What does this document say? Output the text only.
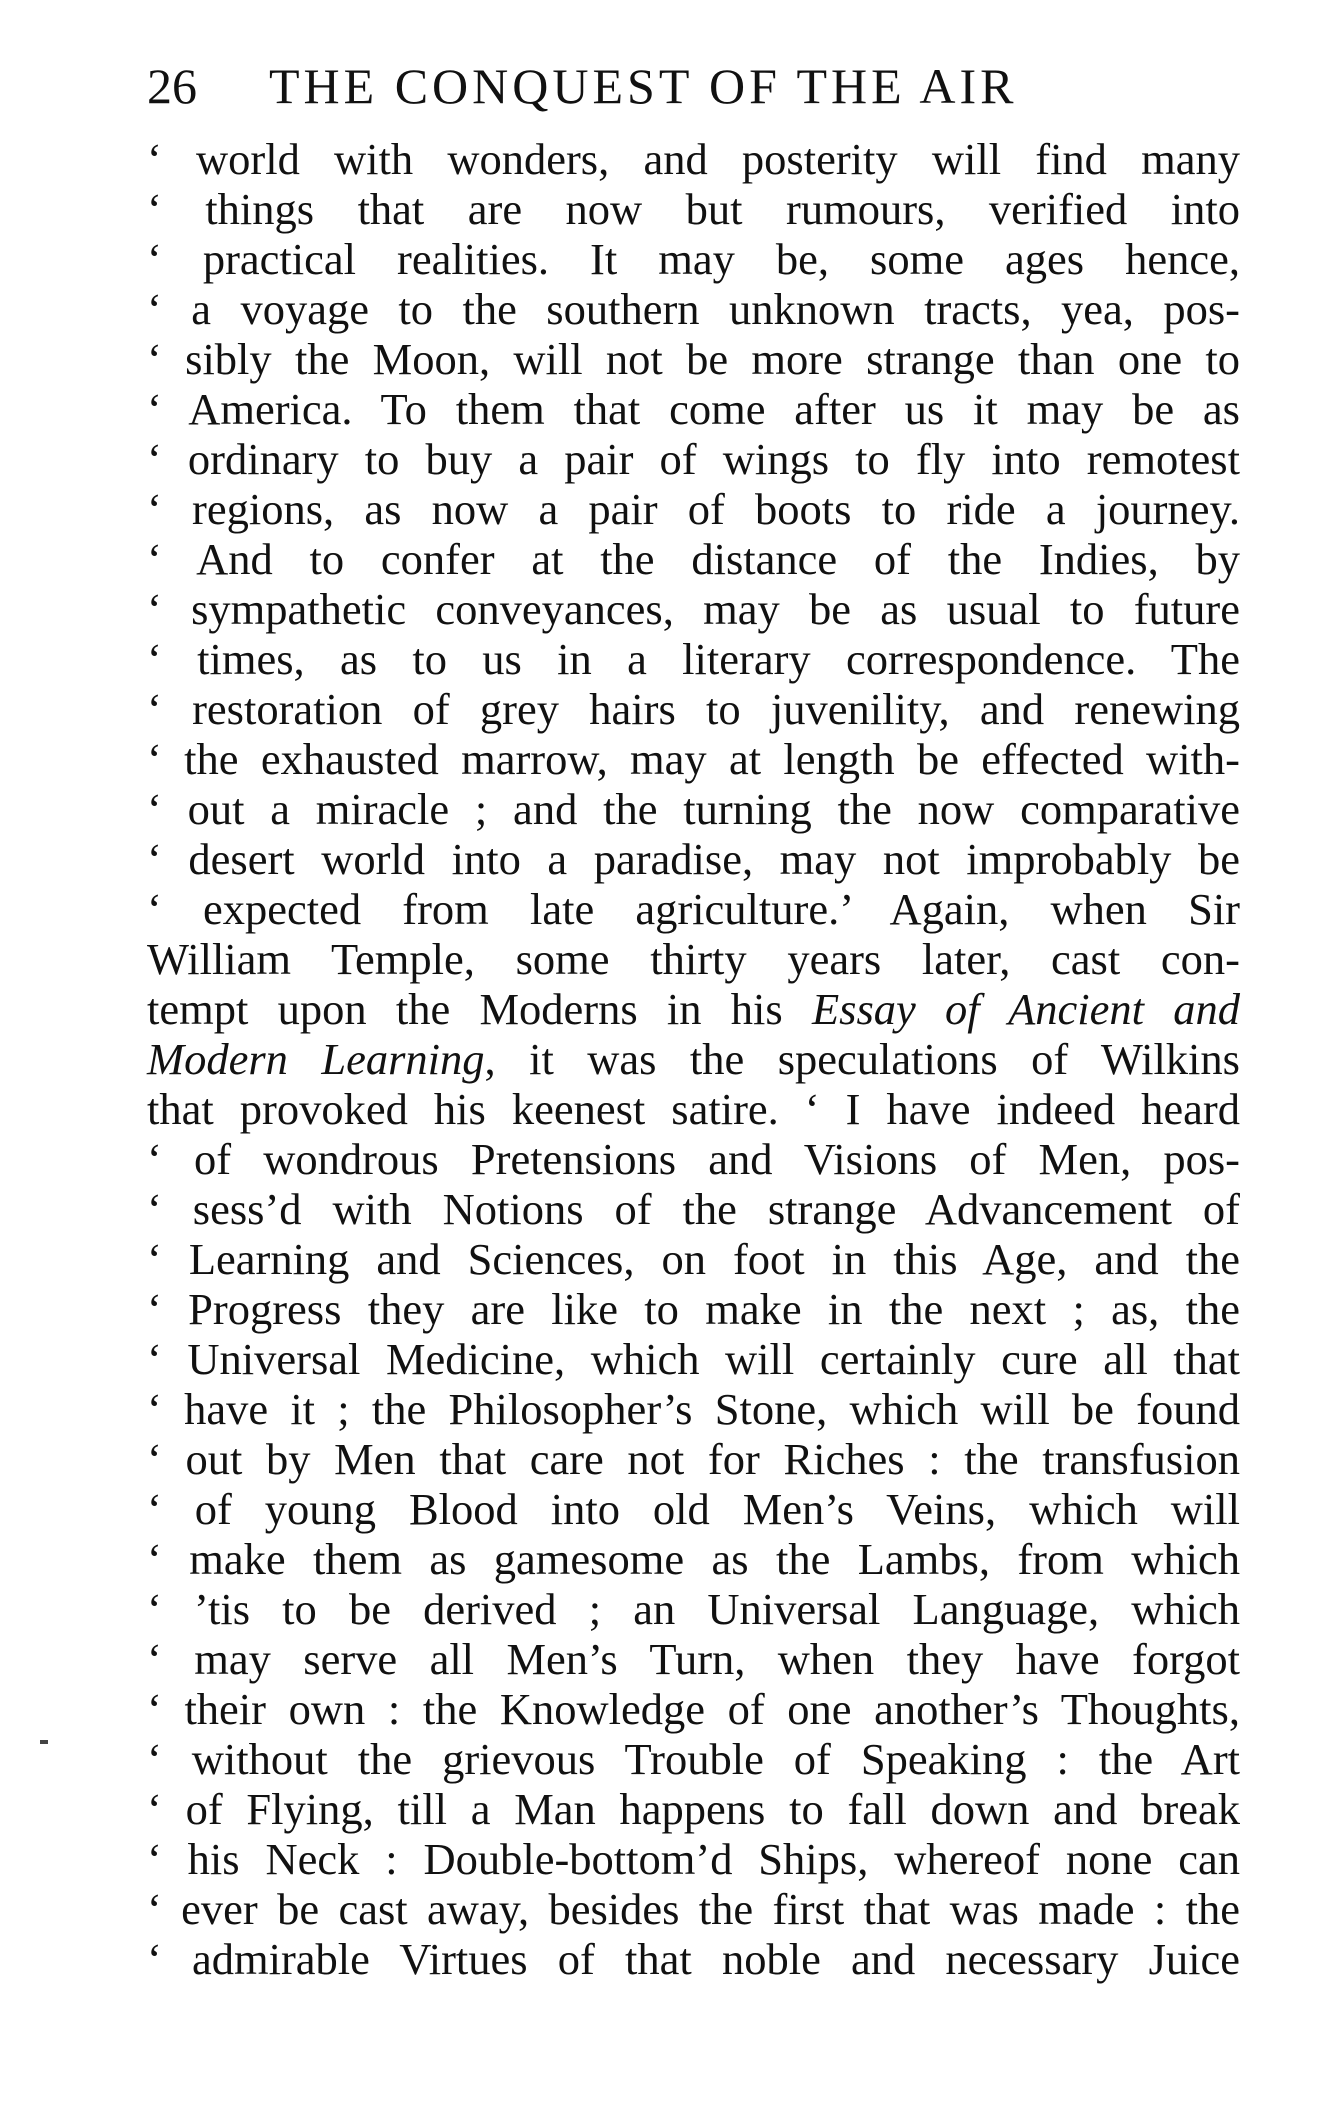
26 THE CONQUEST OF THE AIR
‘ world with wonders, and posterity will find many
‘ things that are now but rumours, verified into
‘ practical realities. It may be, some ages hence,
‘ a voyage to the southern unknown tracts, yea, pos-
‘ sibly the Moon, will not be more strange than one to
‘ America. To them that come after us it may be as
‘ ordinary to buy a pair of wings to fly into remotest
‘ regions, as now a pair of boots to ride a journey.
‘ And to confer at the distance of the Indies, by
‘ sympathetic conveyances, may be as usual to future
‘ times, as to us in a literary correspondence. The
‘ restoration of grey hairs to juvenility, and renewing
‘ the exhausted marrow, may at length be effected with-
‘ out a miracle ; and the turning the now comparative
‘ desert world into a paradise, may not improbably be
‘ expected from late agriculture.’ Again, when Sir
William Temple, some thirty years later, cast con-
tempt upon the Moderns in his Essay of Ancient and
Modern Learning, it was the speculations of Wilkins
that provoked his keenest satire. ‘ I have indeed heard
‘ of wondrous Pretensions and Visions of Men, pos-
‘ sess’d with Notions of the strange Advancement of
‘ Learning and Sciences, on foot in this Age, and the
‘ Progress they are like to make in the next ; as, the
‘ Universal Medicine, which will certainly cure all that
‘ have it ; the Philosopher’s Stone, which will be found
‘ out by Men that care not for Riches : the transfusion
‘ of young Blood into old Men’s Veins, which will
‘ make them as gamesome as the Lambs, from which
‘ ’tis to be derived ; an Universal Language, which
‘ may serve all Men’s Turn, when they have forgot
‘ their own : the Knowledge of one another’s Thoughts,
‘ without the grievous Trouble of Speaking : the Art
‘ of Flying, till a Man happens to fall down and break
‘ his Neck : Double-bottom’d Ships, whereof none can
‘ ever be cast away, besides the first that was made : the
‘ admirable Virtues of that noble and necessary Juice
